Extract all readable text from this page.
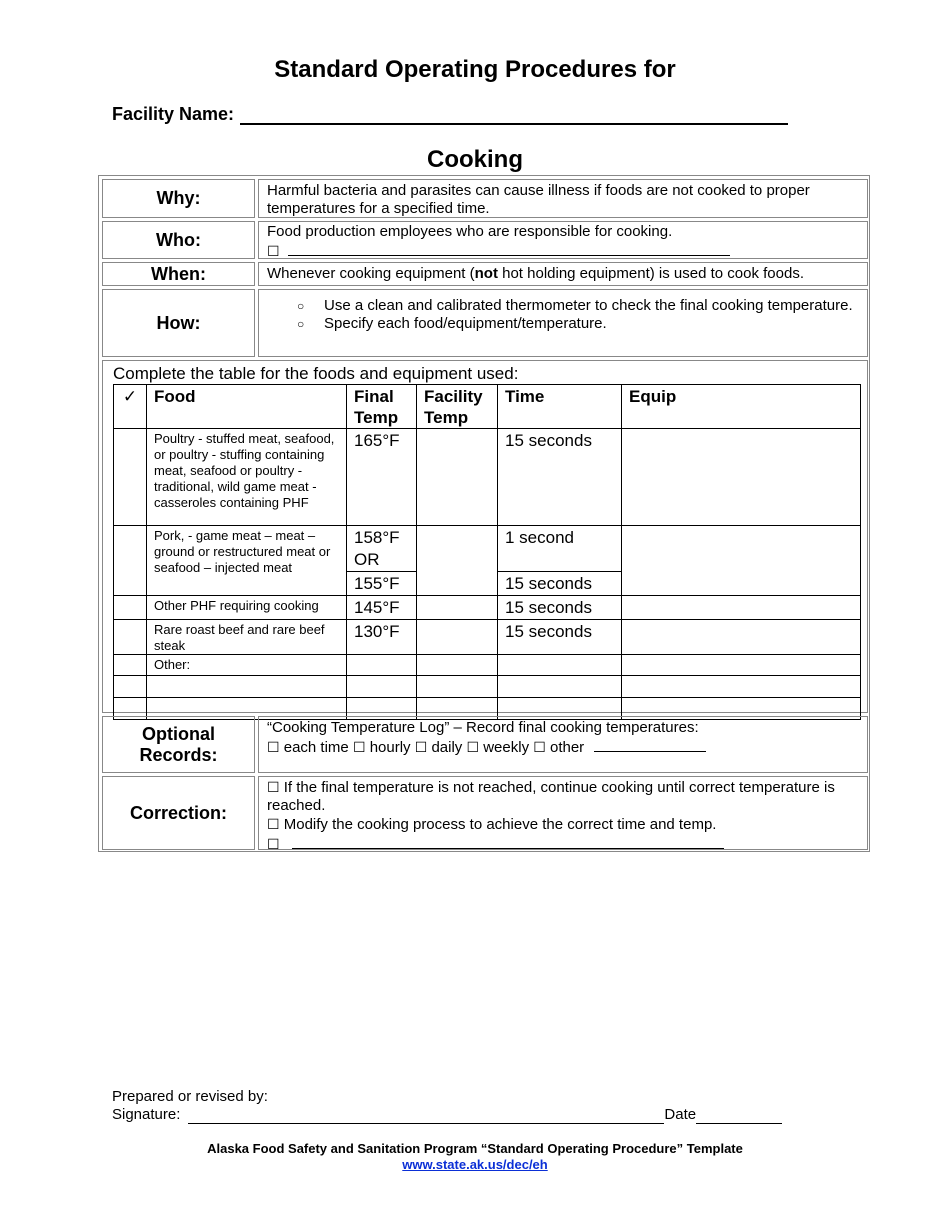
Standard Operating Procedures for
Facility Name:
Cooking
Why:	Harmful bacteria and parasites can cause illness if foods are not cooked to proper temperatures for a specified time.
Who:	Food production employees who are responsible for cooking.
☐
When:	Whenever cooking equipment (not hot holding equipment) is used to cook foods.
How:
○ Use a clean and calibrated thermometer to check the final cooking temperature.
○ Specify each food/equipment/temperature.
Complete the table for the foods and equipment used:
✓	Food	Final Temp	Facility Temp	Time	Equip
	Poultry - stuffed meat, seafood, or poultry - stuffing containing meat, seafood or poultry - traditional, wild game meat - casseroles containing PHF	165°F		15 seconds	
	Pork, - game meat – meat – ground or restructured meat or seafood – injected meat	158°F OR		1 second	
		155°F		15 seconds	
	Other PHF requiring cooking	145°F		15 seconds	
	Rare roast beef and rare beef steak	130°F		15 seconds	
	Other:				

Optional Records:
“Cooking Temperature Log” – Record final cooking temperatures:
☐ each time ☐ hourly ☐ daily ☐ weekly ☐ other
Correction:
☐ If the final temperature is not reached, continue cooking until correct temperature is reached.
☐ Modify the cooking process to achieve the correct time and temp.
☐
Prepared or revised by:
Signature:	Date
Alaska Food Safety and Sanitation Program “Standard Operating Procedure” Template
www.state.ak.us/dec/eh
